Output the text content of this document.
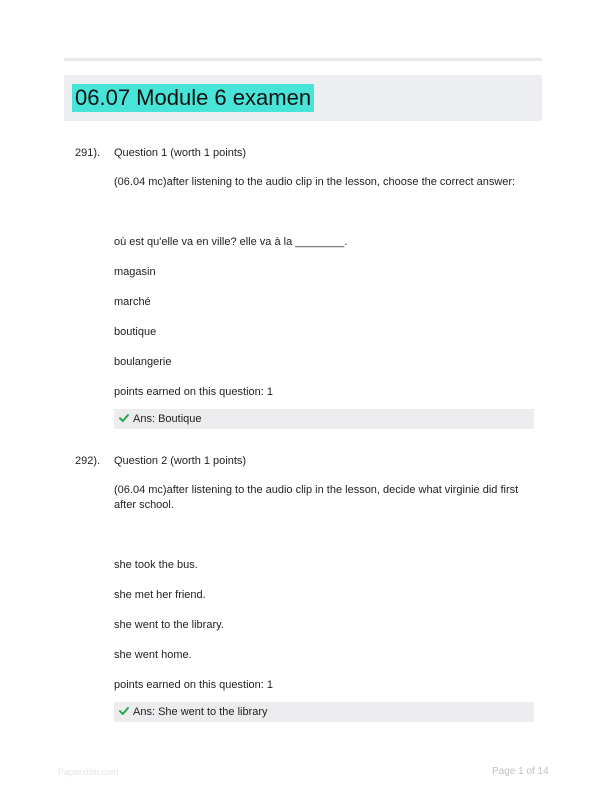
06.07 Module 6 examen
291). Question 1 (worth 1 points)
(06.04 mc)after listening to the audio clip in the lesson, choose the correct answer:
où est qu'elle va en ville? elle va à la ________.
magasin
marché
boutique
boulangerie
points earned on this question: 1
Ans: Boutique
292). Question 2 (worth 1 points)
(06.04 mc)after listening to the audio clip in the lesson, decide what virginie did first after school.
she took the bus.
she met her friend.
she went to the library.
she went home.
points earned on this question: 1
Ans: She went to the library
Paperxtbh.com	Page 1 of 14
